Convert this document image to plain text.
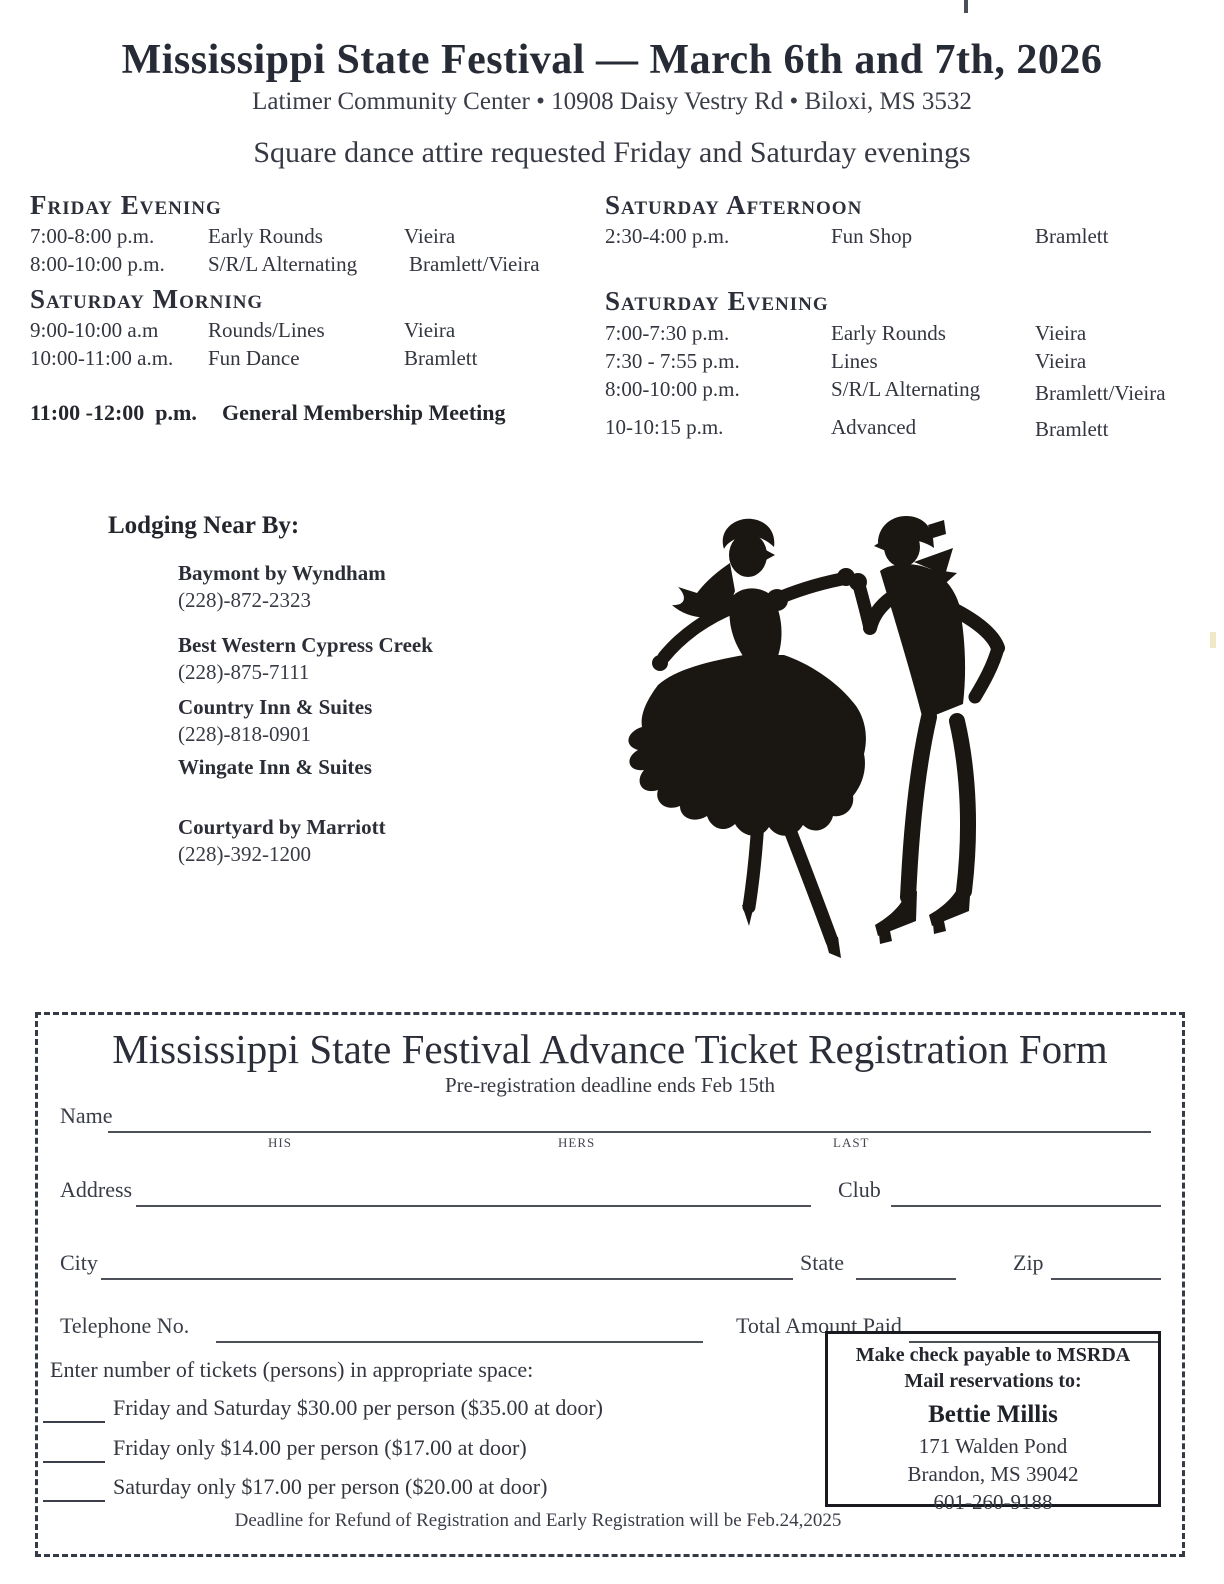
Mississippi State Festival — March 6th and 7th, 2026
Latimer Community Center • 10908 Daisy Vestry Rd • Biloxi, MS 3532
Square dance attire requested Friday and Saturday evenings
Friday Evening
7:00-8:00 p.m.	Early Rounds	Vieira
8:00-10:00 p.m.	S/R/L Alternating	Bramlett/Vieira
Saturday Morning
9:00-10:00 a.m	Rounds/Lines	Vieira
10:00-11:00 a.m.	Fun Dance	Bramlett
11:00 -12:00  p.m.	General Membership Meeting
Saturday Afternoon
2:30-4:00 p.m.	Fun Shop	Bramlett
Saturday Evening
7:00-7:30 p.m.	Early Rounds	Vieira
7:30 - 7:55 p.m.	Lines	Vieira
8:00-10:00 p.m.	S/R/L Alternating	Bramlett/Vieira
10-10:15 p.m.	Advanced	Bramlett
Lodging Near By:
Baymont by Wyndham
(228)-872-2323
Best Western Cypress Creek
(228)-875-7111
Country Inn & Suites
(228)-818-0901
Wingate Inn & Suites
Courtyard by Marriott
(228)-392-1200
Mississippi State Festival Advance Ticket Registration Form
Pre-registration deadline ends Feb 15th
Name
HIS	HERS	LAST
Address	Club
City	State	Zip
Telephone No.	Total Amount Paid
Enter number of tickets (persons) in appropriate space:
Friday and Saturday $30.00 per person ($35.00 at door)
Friday only $14.00 per person ($17.00 at door)
Saturday only $17.00 per person ($20.00 at door)
Make check payable to MSRDA
Mail reservations to:
Bettie Millis
171 Walden Pond
Brandon, MS 39042
601-260-9188
Deadline for Refund of Registration and Early Registration will be Feb.24,2025
